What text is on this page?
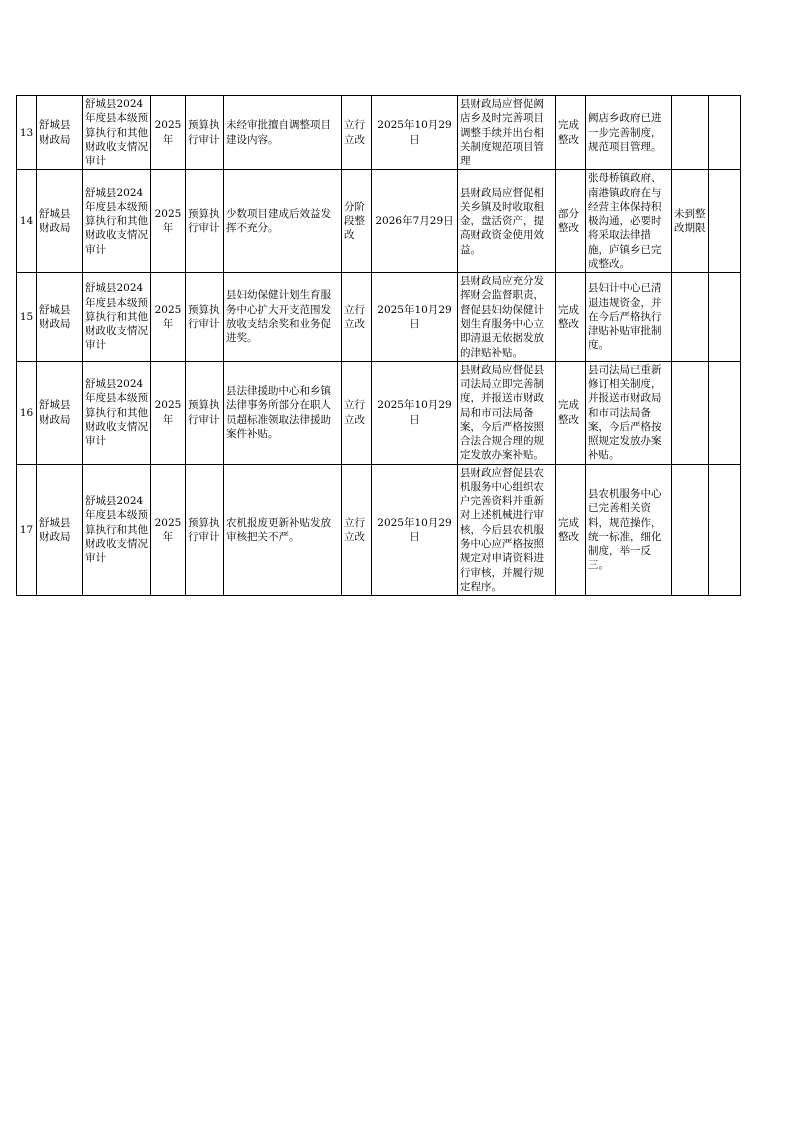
13	舒城县财政局	舒城县2024年度县本级预算执行和其他财政收支情况审计	2025年	预算执行审计	未经审批擅自调整项目建设内容。	立行立改	2025年10月29日	县财政局应督促阙店乡及时完善项目调整手续并出台相关制度规范项目管理	完成整改	阙店乡政府已进一步完善制度，规范项目管理。		
14	舒城县财政局	舒城县2024年度县本级预算执行和其他财政收支情况审计	2025年	预算执行审计	少数项目建成后效益发挥不充分。	分阶段整改	2026年7月29日	县财政局应督促相关乡镇及时收取租金，盘活资产，提高财政资金使用效益。	部分整改	张母桥镇政府、南港镇政府在与经营主体保持积极沟通，必要时将采取法律措施，庐镇乡已完成整改。	未到整改期限	
15	舒城县财政局	舒城县2024年度县本级预算执行和其他财政收支情况审计	2025年	预算执行审计	县妇幼保健计划生育服务中心扩大开支范围发放收支结余奖和业务促进奖。	立行立改	2025年10月29日	县财政局应充分发挥财会监督职责，督促县妇幼保健计划生育服务中心立即清退无依据发放的津贴补贴。	完成整改	县妇计中心已清退违规资金，并在今后严格执行津贴补贴审批制度。		
16	舒城县财政局	舒城县2024年度县本级预算执行和其他财政收支情况审计	2025年	预算执行审计	县法律援助中心和乡镇法律事务所部分在职人员超标准领取法律援助案件补贴。	立行立改	2025年10月29日	县财政局应督促县司法局立即完善制度，并报送市财政局和市司法局备案，今后严格按照合法合规合理的规定发放办案补贴。	完成整改	县司法局已重新修订相关制度，并报送市财政局和市司法局备案，今后严格按照规定发放办案补贴。		
17	舒城县财政局	舒城县2024年度县本级预算执行和其他财政收支情况审计	2025年	预算执行审计	农机报废更新补贴发放审核把关不严。	立行立改	2025年10月29日	县财政应督促县农机服务中心组织农户完善资料并重新对上述机械进行审核，今后县农机服务中心应严格按照规定对申请资料进行审核，并履行规定程序。	完成整改	县农机服务中心已完善相关资料，规范操作，统一标准，细化制度，举一反三。		
